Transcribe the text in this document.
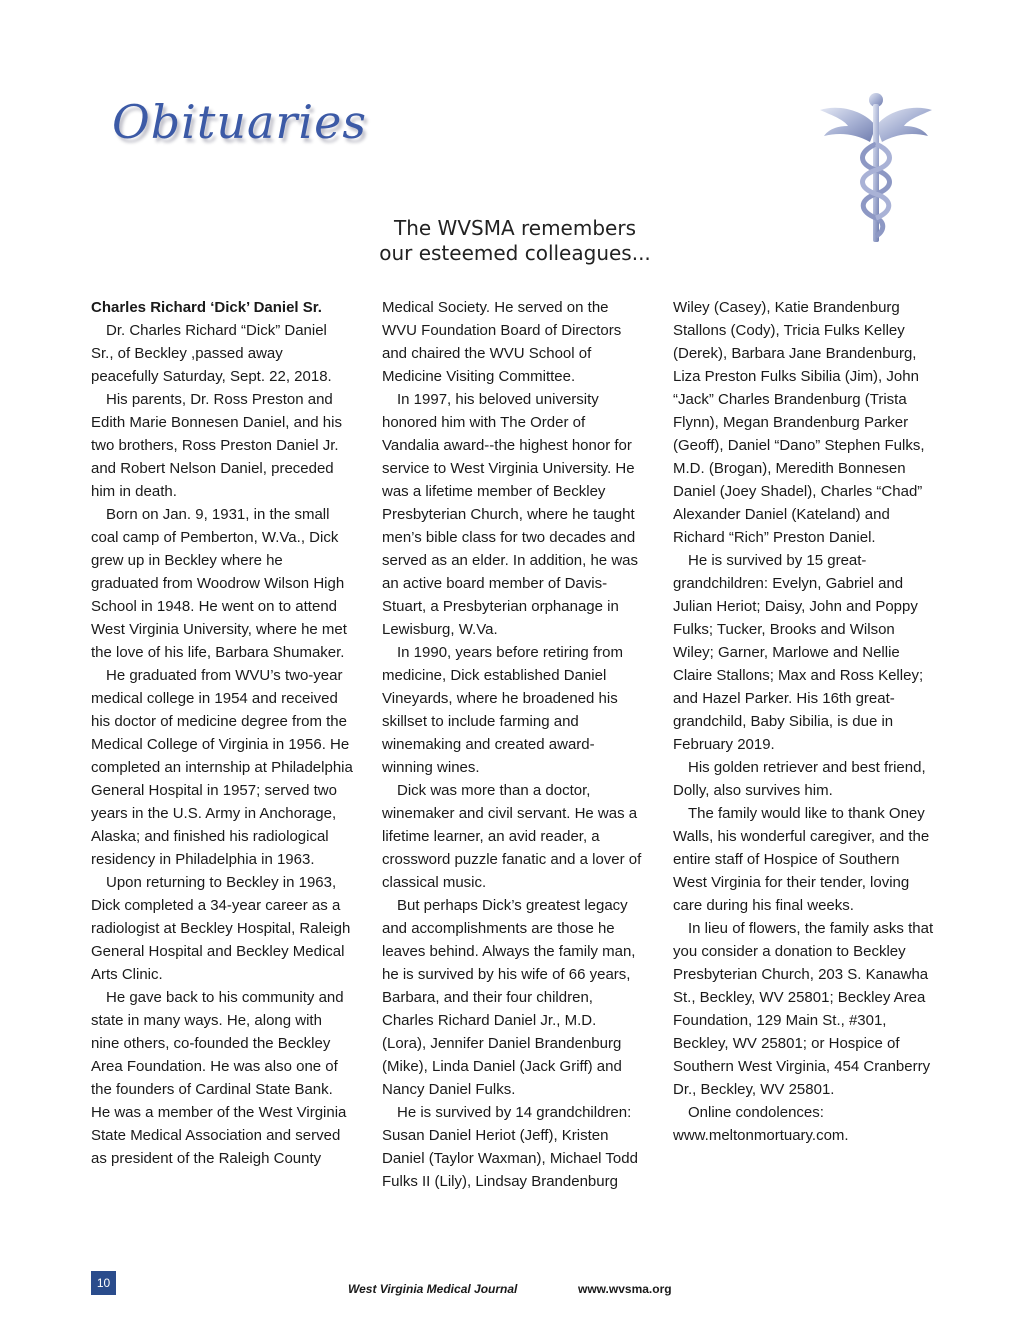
Obituaries
The WVSMA remembers
our esteemed colleagues...
Charles Richard ‘Dick’ Daniel Sr.

Dr. Charles Richard “Dick” Daniel Sr., of Beckley ,passed away peacefully Saturday, Sept. 22, 2018.

His parents, Dr. Ross Preston and Edith Marie Bonnesen Daniel, and his two brothers, Ross Preston Daniel Jr. and Robert Nelson Daniel, preceded him in death.

Born on Jan. 9, 1931, in the small coal camp of Pemberton, W.Va., Dick grew up in Beckley where he graduated from Woodrow Wilson High School in 1948. He went on to attend West Virginia University, where he met the love of his life, Barbara Shumaker.

He graduated from WVU’s two-year medical college in 1954 and received his doctor of medicine degree from the Medical College of Virginia in 1956. He completed an internship at Philadelphia General Hospital in 1957; served two years in the U.S. Army in Anchorage, Alaska; and finished his radiological residency in Philadelphia in 1963.

Upon returning to Beckley in 1963, Dick completed a 34-year career as a radiologist at Beckley Hospital, Raleigh General Hospital and Beckley Medical Arts Clinic.

He gave back to his community and state in many ways. He, along with nine others, co-founded the Beckley Area Foundation. He was also one of the founders of Cardinal State Bank. He was a member of the West Virginia State Medical Association and served as president of the Raleigh County

Medical Society. He served on the WVU Foundation Board of Directors and chaired the WVU School of Medicine Visiting Committee.

In 1997, his beloved university honored him with The Order of Vandalia award--the highest honor for service to West Virginia University. He was a lifetime member of Beckley Presbyterian Church, where he taught men’s bible class for two decades and served as an elder. In addition, he was an active board member of Davis-Stuart, a Presbyterian orphanage in Lewisburg, W.Va.

In 1990, years before retiring from medicine, Dick established Daniel Vineyards, where he broadened his skillset to include farming and winemaking and created award-winning wines.

Dick was more than a doctor, winemaker and civil servant. He was a lifetime learner, an avid reader, a crossword puzzle fanatic and a lover of classical music.

But perhaps Dick’s greatest legacy and accomplishments are those he leaves behind. Always the family man, he is survived by his wife of 66 years, Barbara, and their four children, Charles Richard Daniel Jr., M.D. (Lora), Jennifer Daniel Brandenburg (Mike), Linda Daniel (Jack Griff) and Nancy Daniel Fulks.

He is survived by 14 grandchildren: Susan Daniel Heriot (Jeff), Kristen Daniel (Taylor Waxman), Michael Todd Fulks II (Lily), Lindsay Brandenburg

Wiley (Casey), Katie Brandenburg Stallons (Cody), Tricia Fulks Kelley (Derek), Barbara Jane Brandenburg, Liza Preston Fulks Sibilia (Jim), John “Jack” Charles Brandenburg (Trista Flynn), Megan Brandenburg Parker (Geoff), Daniel “Dano” Stephen Fulks, M.D. (Brogan), Meredith Bonnesen Daniel (Joey Shadel), Charles “Chad” Alexander Daniel (Kateland) and Richard “Rich” Preston Daniel.

He is survived by 15 great-grandchildren: Evelyn, Gabriel and Julian Heriot; Daisy, John and Poppy Fulks; Tucker, Brooks and Wilson Wiley; Garner, Marlowe and Nellie Claire Stallons; Max and Ross Kelley; and Hazel Parker. His 16th great-grandchild, Baby Sibilia, is due in February 2019.

His golden retriever and best friend, Dolly, also survives him.

The family would like to thank Oney Walls, his wonderful caregiver, and the entire staff of Hospice of Southern West Virginia for their tender, loving care during his final weeks.

In lieu of flowers, the family asks that you consider a donation to Beckley Presbyterian Church, 203 S. Kanawha St., Beckley, WV 25801; Beckley Area Foundation, 129 Main St., #301, Beckley, WV 25801; or Hospice of Southern West Virginia, 454 Cranberry Dr., Beckley, WV 25801.

Online condolences: www.meltonmortuary.com.

10	West Virginia Medical Journal	www.wvsma.org
